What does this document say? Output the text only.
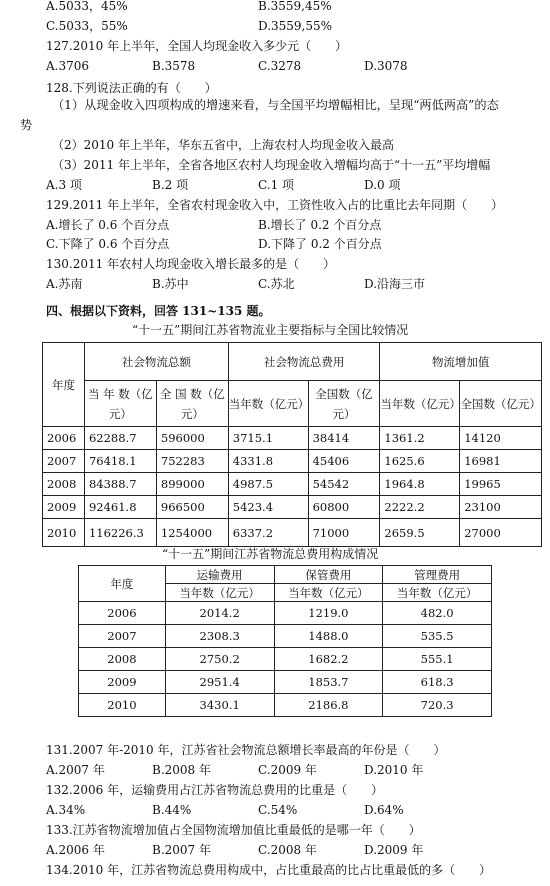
A.5033，45%	B.3559,45%
C.5033，55%	D.3559,55%
127.2010 年上半年，全国人均现金收入多少元（　　）
A.3706	B.3578	C.3278	D.3078
128.下列说法正确的有（　　）
（1）从现金收入四项构成的增速来看，与全国平均增幅相比，呈现“两低两高”的态
势
（2）2010 年上半年，华东五省中，上海农村人均现金收入最高
（3）2011 年上半年，全省各地区农村人均现金收入增幅均高于“十一五”平均增幅
A.3 项	B.2 项	C.1 项	D.0 项
129.2011 年上半年，全省农村现金收入中，工资性收入占的比重比去年同期（　　）
A.增长了 0.6 个百分点	B.增长了 0.2 个百分点
C.下降了 0.6 个百分点	D.下降了 0.2 个百分点
130.2011 年农村人均现金收入增长最多的是（　　）
A.苏南	B.苏中	C.苏北	D.沿海三市
四、根据以下资料，回答 131~135 题。
“十一五”期间江苏省物流业主要指标与全国比较情况
年度	社会物流总额		社会物流总费用		物流增加值	
	当 年 数（亿元）	全 国 数（亿元）	当年数（亿元）	全国数（亿元）	当年数（亿元）	全国数（亿元）
2006	62288.7	596000	3715.1	38414	1361.2	14120
2007	76418.1	752283	4331.8	45406	1625.6	16981
2008	84388.7	899000	4987.5	54542	1964.8	19965
2009	92461.8	966500	5423.4	60800	2222.2	23100
2010	116226.3	1254000	6337.2	71000	2659.5	27000
“十一五”期间江苏省物流总费用构成情况
年度	运输费用	保管费用	管理费用
	当年数（亿元）	当年数（亿元）	当年数（亿元）
2006	2014.2	1219.0	482.0
2007	2308.3	1488.0	535.5
2008	2750.2	1682.2	555.1
2009	2951.4	1853.7	618.3
2010	3430.1	2186.8	720.3
131.2007 年-2010 年，江苏省社会物流总额增长率最高的年份是（　　）
A.2007 年	B.2008 年	C.2009 年	D.2010 年
132.2006 年，运输费用占江苏省物流总费用的比重是（　　）
A.34%	B.44%	C.54%	D.64%
133.江苏省物流增加值占全国物流增加值比重最低的是哪一年（　　）
A.2006 年	B.2007 年	C.2008 年	D.2009 年
134.2010 年，江苏省物流总费用构成中，占比重最高的比占比重最低的多（　　）
